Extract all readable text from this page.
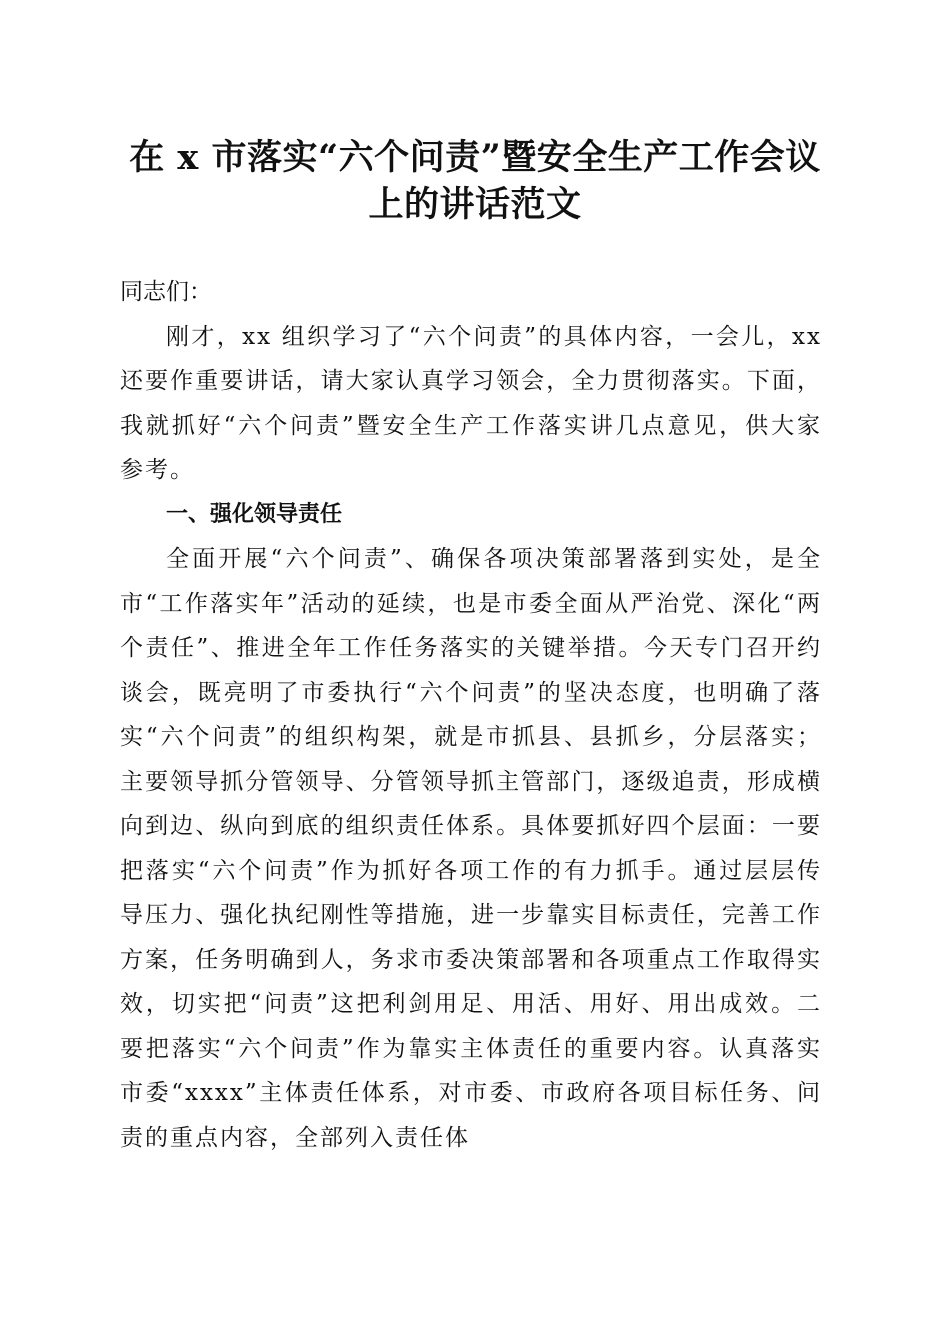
在 x 市落实“六个问责”暨安全生产工作会议
上的讲话范文

同志们：

刚才，xx 组织学习了“六个问责”的具体内容，一会儿，xx 还要作重要讲话，请大家认真学习领会，全力贯彻落实。下面，我就抓好“六个问责”暨安全生产工作落实讲几点意见，供大家参考。

一、强化领导责任

全面开展“六个问责”、确保各项决策部署落到实处，是全市“工作落实年”活动的延续，也是市委全面从严治党、深化“两个责任”、推进全年工作任务落实的关键举措。今天专门召开约谈会，既亮明了市委执行“六个问责”的坚决态度，也明确了落实“六个问责”的组织构架，就是市抓县、县抓乡，分层落实；主要领导抓分管领导、分管领导抓主管部门，逐级追责，形成横向到边、纵向到底的组织责任体系。具体要抓好四个层面：一要把落实“六个问责”作为抓好各项工作的有力抓手。通过层层传导压力、强化执纪刚性等措施，进一步靠实目标责任，完善工作方案，任务明确到人，务求市委决策部署和各项重点工作取得实效，切实把“问责”这把利剑用足、用活、用好、用出成效。二要把落实“六个问责”作为靠实主体责任的重要内容。认真落实市委“xxxx”主体责任体系，对市委、市政府各项目标任务、问责的重点内容，全部列入责任体
